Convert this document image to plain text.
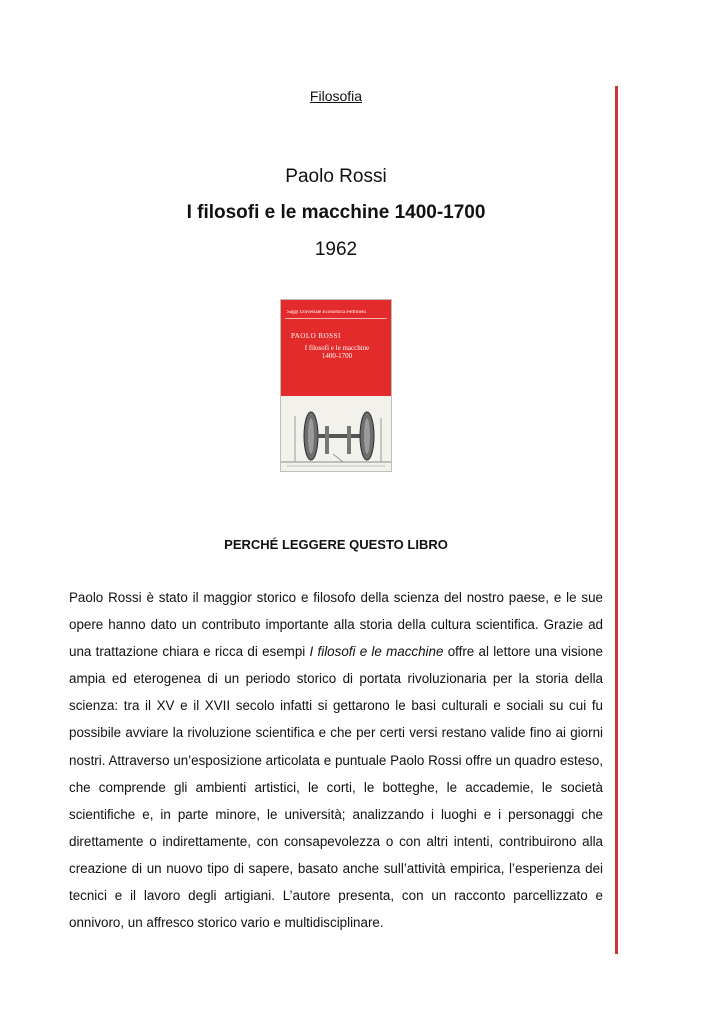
Filosofia
Paolo Rossi
I filosofi e le macchine 1400-1700
1962
Saggi Universale Economica Feltrinelli
PAOLO ROSSI
I filosofi e le macchine
1400-1700
PERCHÉ LEGGERE QUESTO LIBRO

Paolo Rossi è stato il maggior storico e filosofo della scienza del nostro paese, e le sue opere hanno dato un contributo importante alla storia della cultura scientifica. Grazie ad una trattazione chiara e ricca di esempi I filosofi e le macchine offre al lettore una visione ampia ed eterogenea di un periodo storico di portata rivoluzionaria per la storia della scienza: tra il XV e il XVII secolo infatti si gettarono le basi culturali e sociali su cui fu possibile avviare la rivoluzione scientifica e che per certi versi restano valide fino ai giorni nostri. Attraverso un’esposizione articolata e puntuale Paolo Rossi offre un quadro esteso, che comprende gli ambienti artistici, le corti, le botteghe, le accademie, le società scientifiche e, in parte minore, le università; analizzando i luoghi e i personaggi che direttamente o indirettamente, con consapevolezza o con altri intenti, contribuirono alla creazione di un nuovo tipo di sapere, basato anche sull’attività empirica, l’esperienza dei tecnici e il lavoro degli artigiani. L’autore presenta, con un racconto parcellizzato e onnivoro, un affresco storico vario e multidisciplinare.
